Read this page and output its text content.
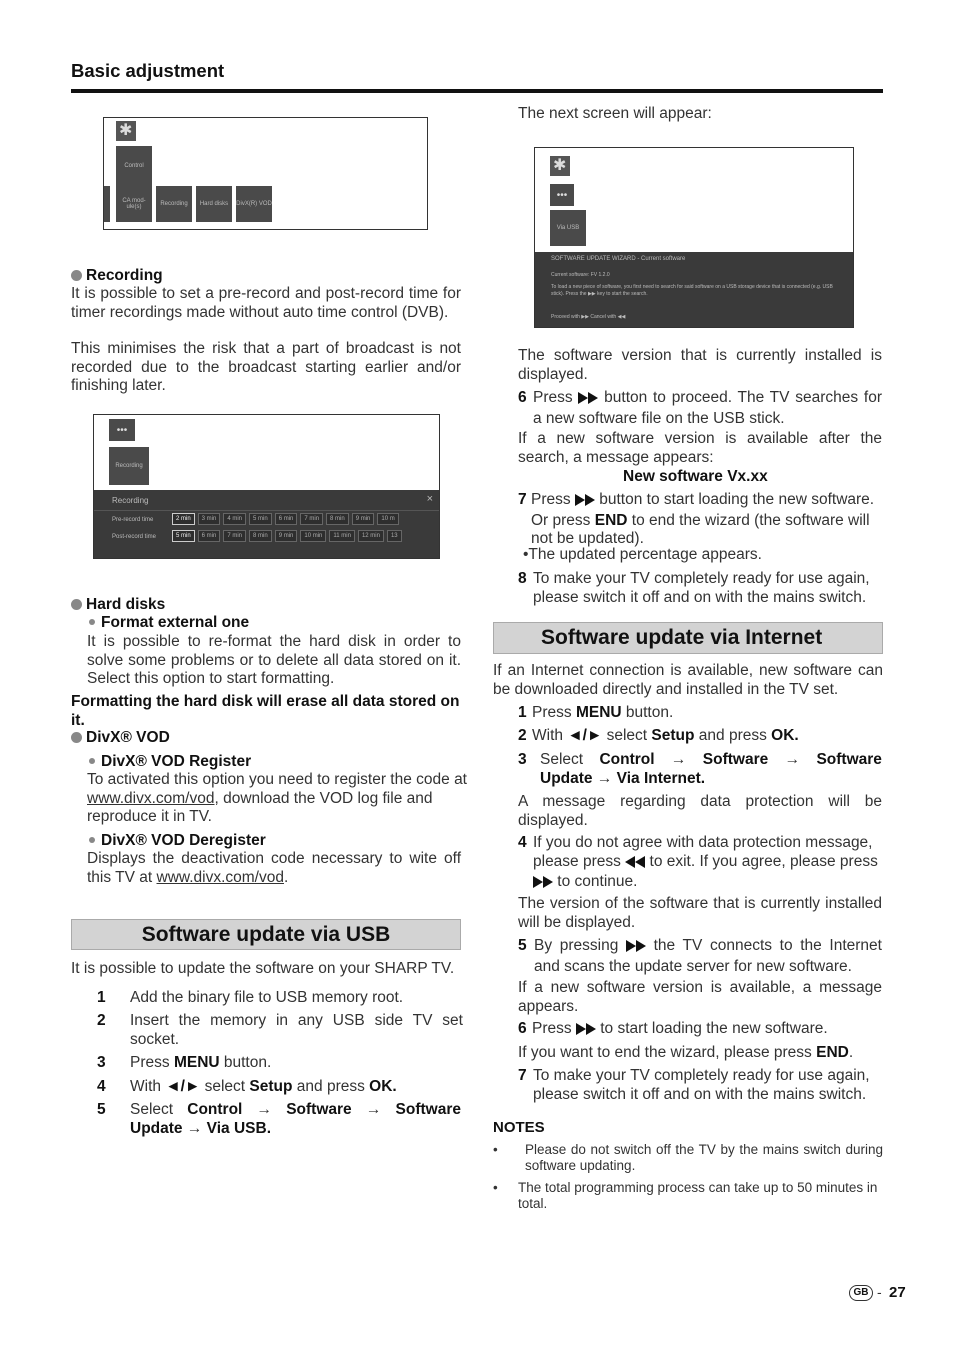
Basic adjustment
✱
Control
CA mod- ule(s)	Recording	Hard disks	DivX(R) VOD

Recording

It is possible to set a pre-record and post-record time for timer recordings made without auto time control (DVB).

This minimises the risk that a part of broadcast is not recorded due to the broadcast starting earlier and/or finishing later.

•••
Recording
Recording	×
Pre-record time	2 min 3 min 4 min 5 min 6 min 7 min 8 min 9 min 10 m
Post-record time	5 min 6 min 7 min 8 min 9 min 10 min 11 min 12 min 13

Hard disks

Format external one

It is possible to re-format the hard disk in order to solve some problems or to delete all data stored on it. Select this option to start formatting.

Formatting the hard disk will erase all data stored on it.

DivX® VOD

DivX® VOD Register

To activated this option you need to register the code at www.divx.com/vod, download the VOD log file and reproduce it in TV.

DivX® VOD Deregister

Displays the deactivation code necessary to wite off this TV at www.divx.com/vod.

Software update via USB

It is possible to update the software on your SHARP TV.

1	Add the binary file to USB memory root.

2	Insert the memory in any USB side TV set socket.

3	Press MENU button.

4	With ◄/► select Setup and press OK.

5	Select Control → Software → Software
Update → Via USB.

The next screen will appear:

✱
•••
Via USB
SOFTWARE UPDATE WIZARD - Current software
Current software: FV 1.2.0
To load a new piece of software, you first need to search for said software on a USB storage device that is connected (e.g. USB stick). Press the ▶▶ key to start the search.
Proceed with ▶▶ Cancel with ◀◀

The software version that is currently installed is displayed.

6 Press  button to proceed. The TV searches for a new software file on the USB stick.

If a new software version is available after the search, a message appears:

New software Vx.xx

7 Press  button to start loading the new software. Or press END to end the wizard (the software will not be updated).

•The updated percentage appears.

8 To make your TV completely ready for use again, please switch it off and on with the mains switch.

Software update via Internet

If an Internet connection is available, new software can be downloaded directly and installed in the TV set.

1 Press MENU button.

2 With ◄/► select Setup and press OK.

3 Select Control → Software → Software
Update → Via Internet.

A message regarding data protection will be displayed.

4 If you do not agree with data protection message, please press  to exit. If you agree, please press  to continue.

The version of the software that is currently installed will be displayed.

5 By pressing  the TV connects to the Internet and scans the update server for new software.

If a new software version is available, a message appears.

6 Press  to start loading the new software.

If you want to end the wizard, please press END.

7 To make your TV completely ready for use again, please switch it off and on with the mains switch.

NOTES

•	Please do not switch off the TV by the mains switch during software updating.

•	The total programming process can take up to 50 minutes in total.

GB - 27
